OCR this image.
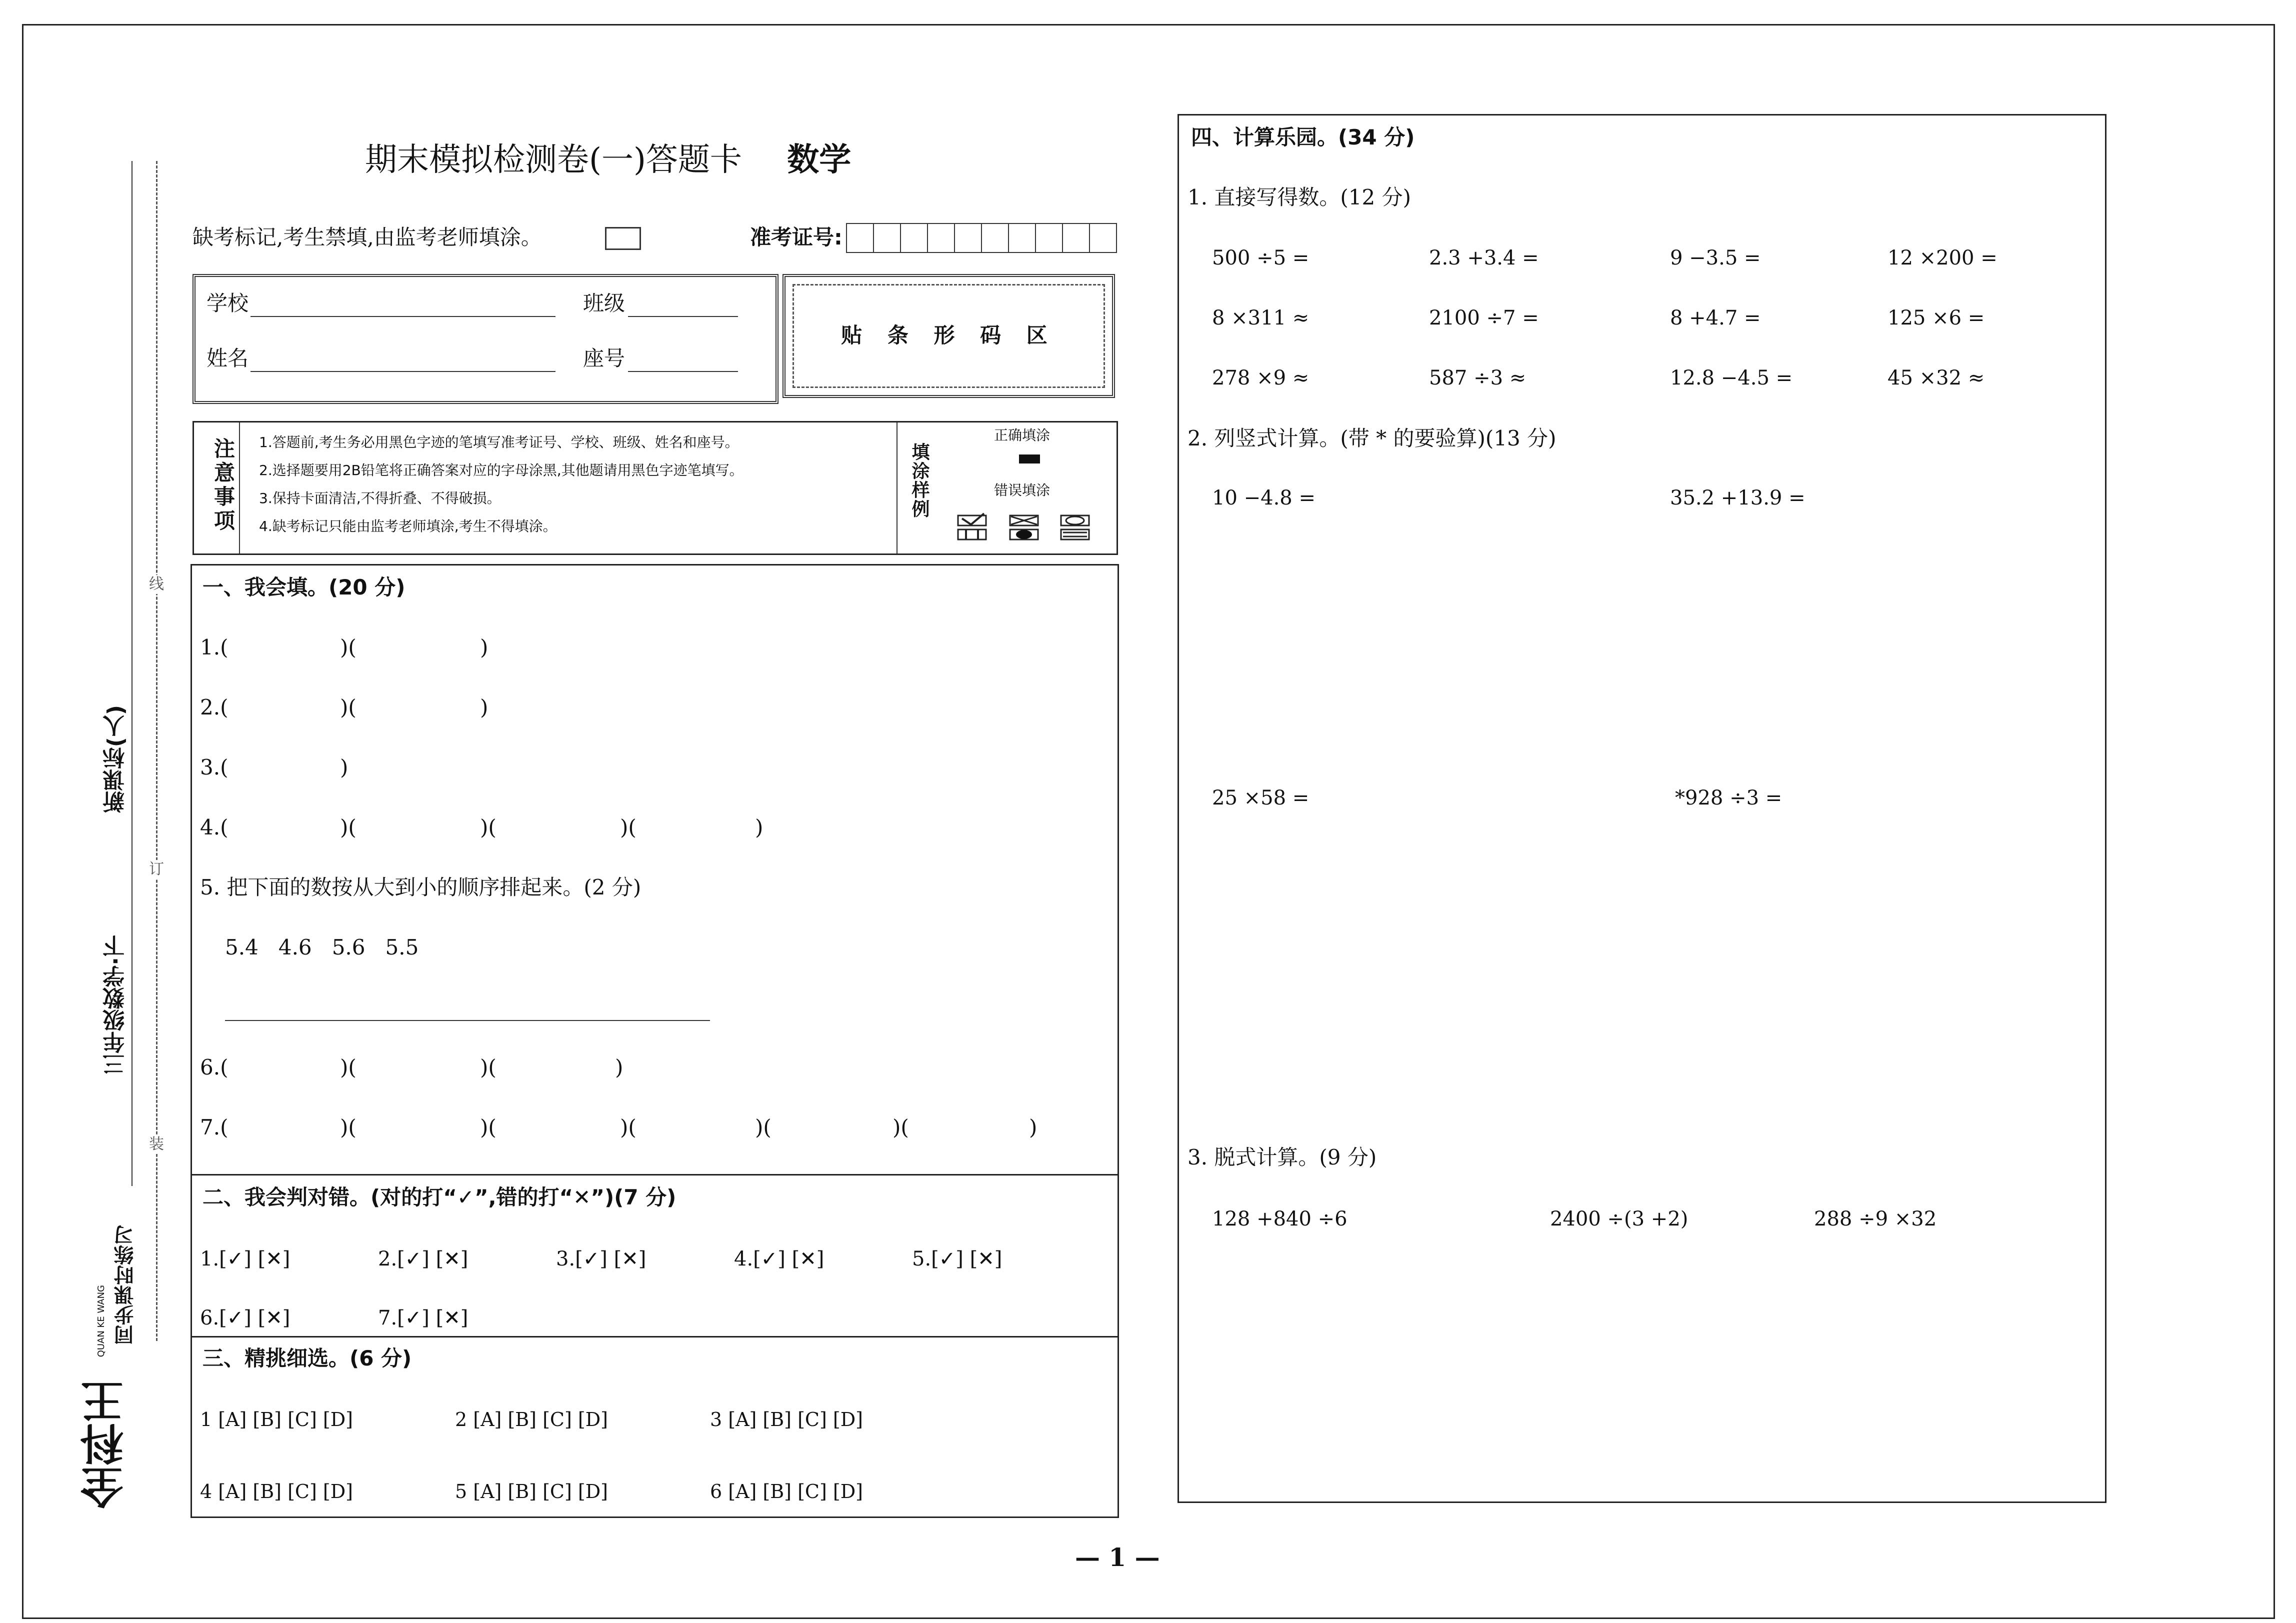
线
订
装
新课标(人)
三年级数学·下
全科王
QUAN KE WANG 同步课时练习
期末模拟检测卷(一)答题卡 数学
缺考标记,考生禁填,由监考老师填涂。	准考证号:
学校	班级
姓名	座号
贴 条 形 码 区
注意事项 1.答题前,考生务必用黑色字迹的笔填写准考证号、学校、班级、姓名和座号。
2.选择题要用2B铅笔将正确答案对应的字母涂黑,其他题请用黑色字迹笔填写。
3.保持卡面清洁,不得折叠、不得破损。
4.缺考标记只能由监考老师填涂,考生不得填涂。
填涂样例
正确填涂
错误填涂
一、我会填。(20 分)
1.(	)(	)
2.(	)(	)
3.(	)
4.(	)(	)(	)(	)
5. 把下面的数按从大到小的顺序排起来。(2 分)
5.4   4.6   5.6   5.5
6.(	)(	)(	)
7.(	)(	)(	)(	)(	)(	)
二、我会判对错。(对的打“✓”,错的打“✕”)(7 分)
1.[✓] [✕]	2.[✓] [✕]	3.[✓] [✕]	4.[✓] [✕]	5.[✓] [✕]
6.[✓] [✕]	7.[✓] [✕]
三、精挑细选。(6 分)
1 [A] [B] [C] [D]	2 [A] [B] [C] [D]	3 [A] [B] [C] [D]
4 [A] [B] [C] [D]	5 [A] [B] [C] [D]	6 [A] [B] [C] [D]
四、计算乐园。(34 分)
1. 直接写得数。(12 分)
500 ÷5 =	2.3 +3.4 =	9 −3.5 =	12 ×200 =
8 ×311 ≈	2100 ÷7 =	8 +4.7 =	125 ×6 =
278 ×9 ≈	587 ÷3 ≈	12.8 −4.5 =	45 ×32 ≈
2. 列竖式计算。(带 * 的要验算)(13 分)
10 −4.8 =	35.2 +13.9 =
25 ×58 =	*928 ÷3 =
3. 脱式计算。(9 分)
128 +840 ÷6	2400 ÷(3 +2)	288 ÷9 ×32
— 1 —
